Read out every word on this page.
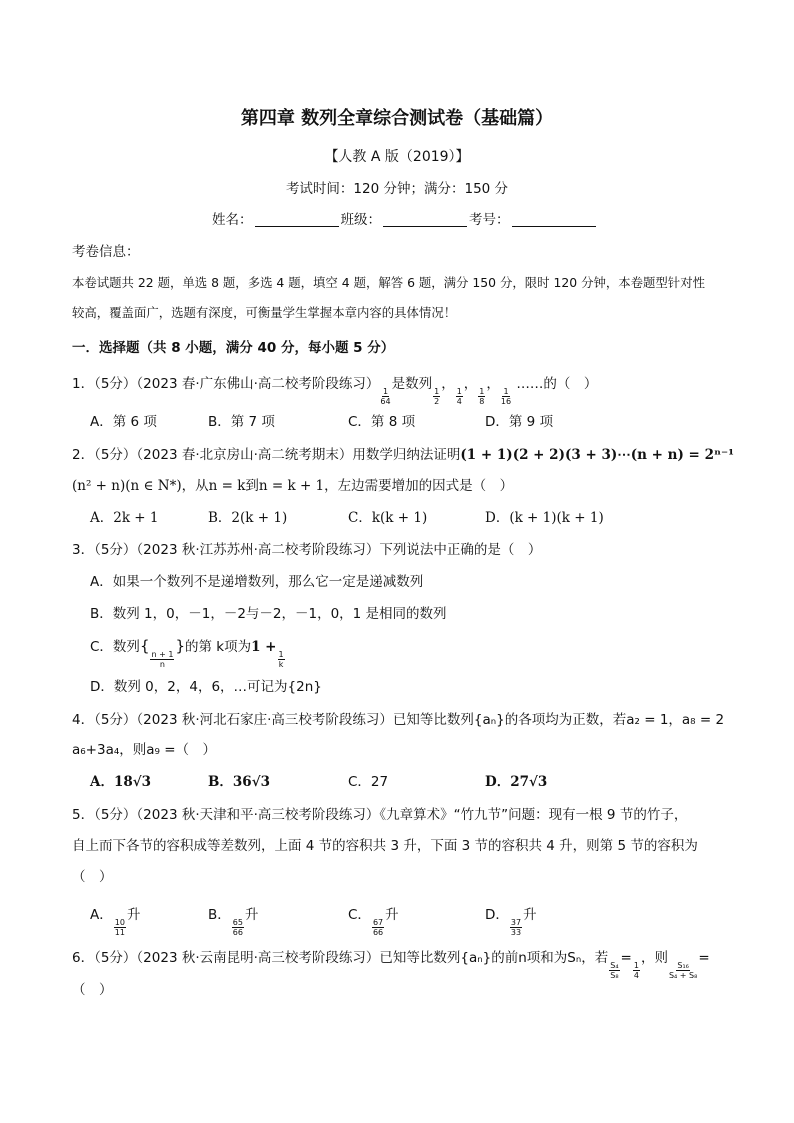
第四章 数列全章综合测试卷（基础篇）
【人教 A 版（2019）】
考试时间：120 分钟；满分：150 分
姓名：	班级：	考号：
考卷信息：
本卷试题共 22 题，单选 8 题，多选 4 题，填空 4 题，解答 6 题，满分 150 分，限时 120 分钟，本卷题型针对性
较高，覆盖面广，选题有深度，可衡量学生掌握本章内容的具体情况！
一．选择题（共 8 小题，满分 40 分，每小题 5 分）
1．（5分）（2023 春·广东佛山·高二校考阶段练习）
$\frac{1}{64}$
是数列
$\frac{1}{2}$
，
$\frac{1}{4}$
，
$\frac{1}{8}$
，
$\frac{1}{16}$
……的（　）
A．第 6 项	B．第 7 项	C．第 8 项	D．第 9 项
2．（5分）（2023 春·北京房山·高二统考期末）用数学归纳法证明(1 + 1)(2 + 2)(3 + 3)⋯(n + n) = 2ⁿ⁻¹
(n² + n)(n ∈ N*)，从n = k到n = k + 1，左边需要增加的因式是（　）
A．2k + 1	B．2(k + 1)	C．k(k + 1)	D．(k + 1)(k + 1)
3．（5分）（2023 秋·江苏苏州·高二校考阶段练习）下列说法中正确的是（　）
A．如果一个数列不是递增数列，那么它一定是递减数列
B．数列 1，0，－1，－2与－2，－1，0，1 是相同的数列
C．数列{
$\frac{n + 1}{n}$
}的第 k项为1 +
$\frac{1}{k}$
D．数列 0，2，4，6，…可记为{2n}
4．（5分）（2023 秋·河北石家庄·高三校考阶段练习）已知等比数列{aₙ}的各项均为正数，若a₂ = 1，a₈ = 2
a₆+3a₄，则a₉ =（　）
A．18√3	B．36√3	C．27	D．27√3
5．（5分）（2023 秋·天津和平·高三校考阶段练习）《九章算术》“竹九节”问题：现有一根 9 节的竹子，
自上而下各节的容积成等差数列，上面 4 节的容积共 3 升，下面 3 节的容积共 4 升，则第 5 节的容积为
（　）
A．
$\frac{10}{11}$
升	B．
$\frac{65}{66}$
升	C．
$\frac{67}{66}$
升	D．
$\frac{37}{33}$
升
6．（5分）（2023 秋·云南昆明·高三校考阶段练习）已知等比数列{aₙ}的前n项和为Sₙ，若
$\frac{\text{S₄}}{\text{S₈}}$
=
$\frac{1}{4}$
，则
$\frac{\text{S₁₆}}{\text{S₄ + S₈}}$
=
（　）
